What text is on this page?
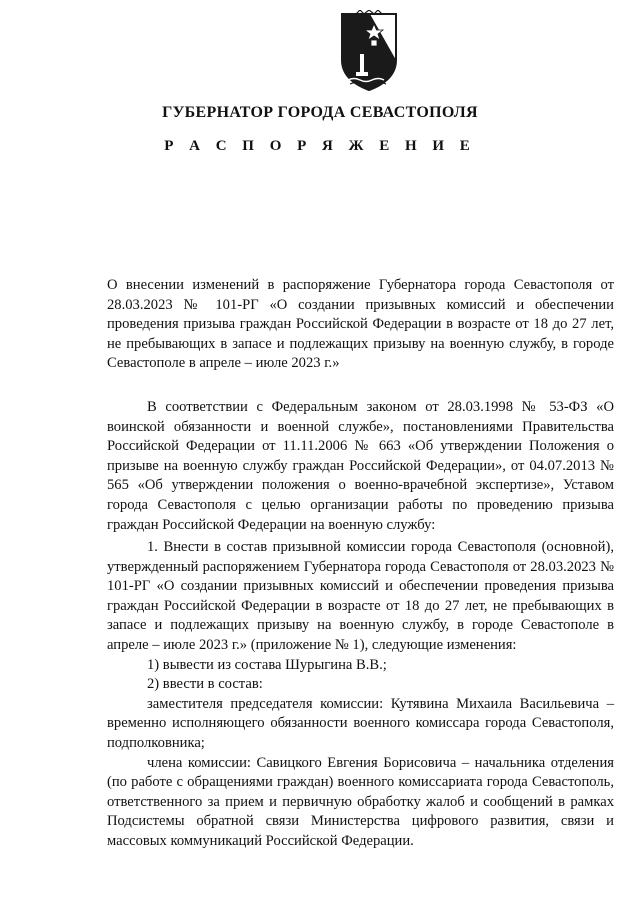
ГУБЕРНАТОР ГОРОДА СЕВАСТОПОЛЯ
Р А С П О Р Я Ж Е Н И Е
О внесении изменений в распоряжение Губернатора города Севастополя от 28.03.2023 № 101-РГ «О создании призывных комиссий и обеспечении проведения призыва граждан Российской Федерации в возрасте от 18 до 27 лет, не пребывающих в запасе и подлежащих призыву на военную службу, в городе Севастополе в апреле – июле 2023 г.»

В соответствии с Федеральным законом от 28.03.1998 № 53-ФЗ «О воинской обязанности и военной службе», постановлениями Правительства Российской Федерации от 11.11.2006 № 663 «Об утверждении Положения о призыве на военную службу граждан Российской Федерации», от 04.07.2013 № 565 «Об утверждении положения о военно-врачебной экспертизе», Уставом города Севастополя с целью организации работы по проведению призыва граждан Российской Федерации на военную службу:

1. Внести в состав призывной комиссии города Севастополя (основной), утвержденный распоряжением Губернатора города Севастополя от 28.03.2023 № 101-РГ «О создании призывных комиссий и обеспечении проведения призыва граждан Российской Федерации в возрасте от 18 до 27 лет, не пребывающих в запасе и подлежащих призыву на военную службу, в городе Севастополе в апреле – июле 2023 г.» (приложение № 1), следующие изменения:

1) вывести из состава Шурыгина В.В.;

2) ввести в состав:

заместителя председателя комиссии: Кутявина Михаила Васильевича – временно исполняющего обязанности военного комиссара города Севастополя, подполковника;

члена комиссии: Савицкого Евгения Борисовича – начальника отделения (по работе с обращениями граждан) военного комиссариата города Севастополь, ответственного за прием и первичную обработку жалоб и сообщений в рамках Подсистемы обратной связи Министерства цифрового развития, связи и массовых коммуникаций Российской Федерации.
